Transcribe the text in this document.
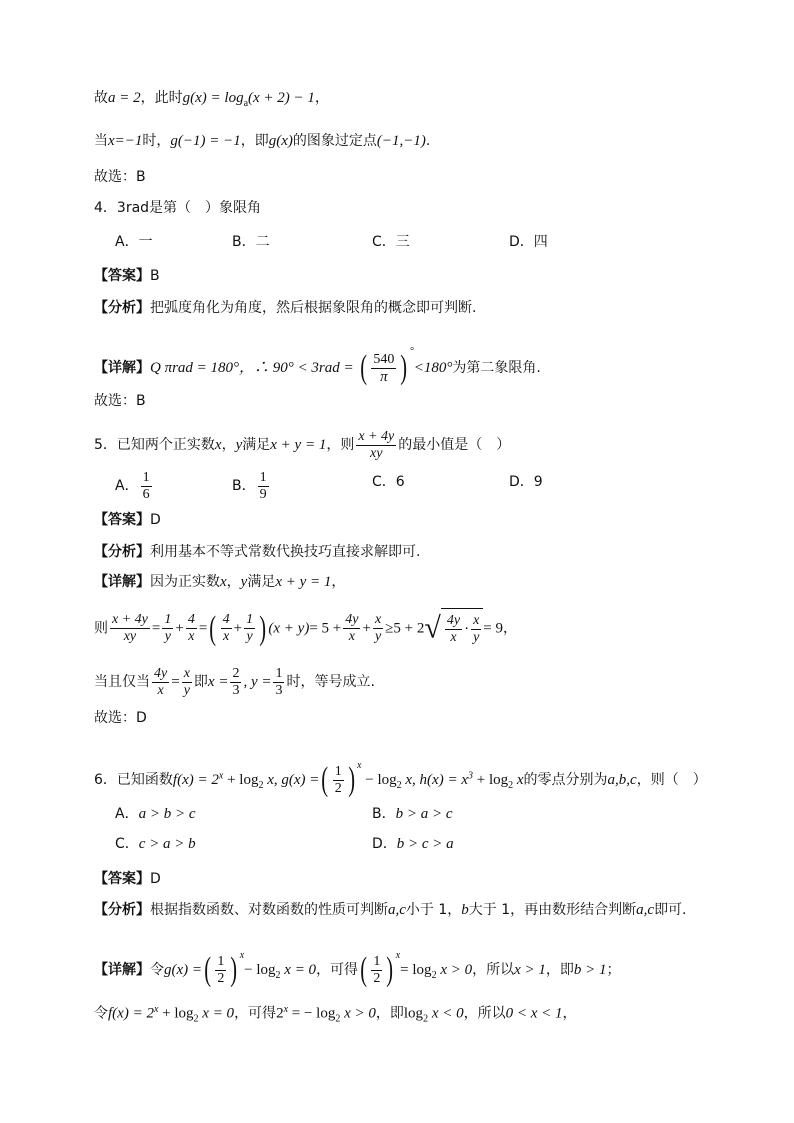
故a = 2，此时$g(x) = \log_a(x + 2) - 1$，
当x=−1时，g(−1) = −1，即g(x)的图象过定点(−1,−1).
故选：B
4．3rad是第（　）象限角
A．一	B．二	C．三	D．四
【答案】B
【分析】把弧度角化为角度，然后根据象限角的概念即可判断.
【详解】Q πrad = 180°，∴ 90° < 3rad = ( $\frac{540}{\pi}$ ) °<180°为第二象限角.
故选：B
5．已知两个正实数x，y满足x + y = 1，则 $\frac{x + 4y}{xy}$ 的最小值是（　）
A． $\frac{1}{6}$	B． $\frac{1}{9}$	C．6	D．9
【答案】D
【分析】利用基本不等式常数代换技巧直接求解即可.
【详解】因为正实数x，y满足x + y = 1，
则 $\frac{x + 4y}{xy} = \frac{1}{y} + \frac{4}{x}$ =( $\frac{4}{x} + \frac{1}{y}$ ) $(x + y)= 5 + \frac{4y}{x} + \frac{x}{y} \ge 5 + 2√ \frac{4y}{x} \cdot \frac{x}{y} = 9$，
当且仅当 $\frac{4y}{x} = \frac{x}{y}$ 即$x = \frac{2}{3}$ , $y = \frac{1}{3}$ 时，等号成立.
故选：D
6．已知函数$f(x) = 2^x + \log_2 x$, g(x) =( $\frac{1}{2}$ ) $^x - \log_2 x$, $h(x) = x^3 + \log_2 x$的零点分别为a,b,c，则（　）
A．a > b > c	B．b > a > c
C．c > a > b	D．b > c > a
【答案】D
【分析】根据指数函数、对数函数的性质可判断a,c小于 1，b大于 1，再由数形结合判断a,c即可.
【详解】令g(x) =( $\frac{1}{2}$ ) $^x- \log_2 x = 0$，可得( $\frac{1}{2}$ ) $^x= \log_2 x > 0$，所以x > 1，即b > 1；
令$f(x) = 2^x + \log_2 x = 0$，可得$2^x$ = − $\log_2 x > 0$，即$\log_2 x < 0$，所以0 < x < 1，
